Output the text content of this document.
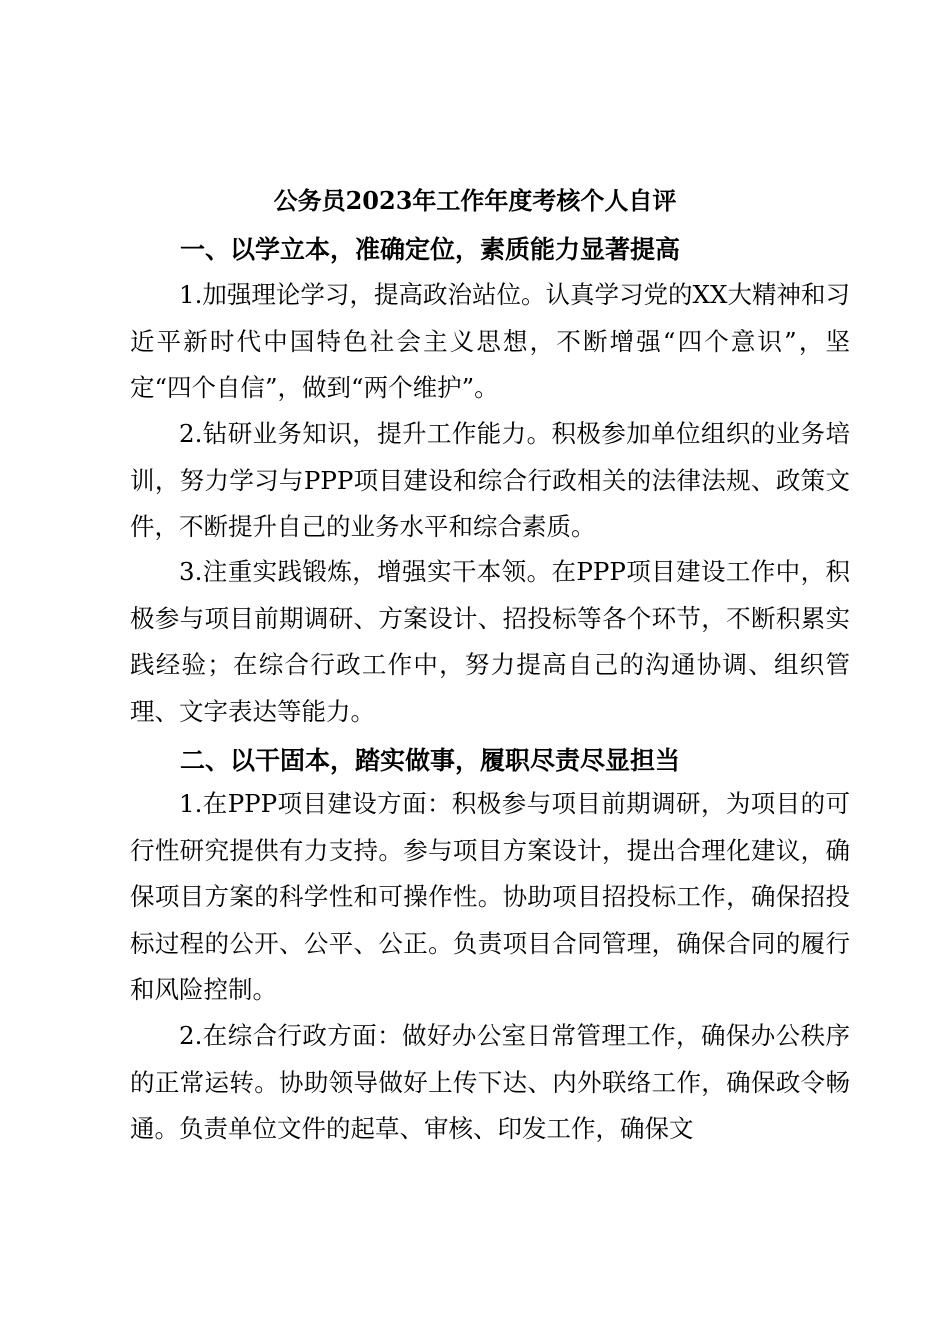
公务员2023年工作年度考核个人自评
一、以学立本，准确定位，素质能力显著提高

1.加强理论学习，提高政治站位。认真学习党的XX大精神和习近平新时代中国特色社会主义思想，不断增强“四个意识”，坚定“四个自信”，做到“两个维护”。

2.钻研业务知识，提升工作能力。积极参加单位组织的业务培训，努力学习与PPP项目建设和综合行政相关的法律法规、政策文件，不断提升自己的业务水平和综合素质。

3.注重实践锻炼，增强实干本领。在PPP项目建设工作中，积极参与项目前期调研、方案设计、招投标等各个环节，不断积累实践经验；在综合行政工作中，努力提高自己的沟通协调、组织管理、文字表达等能力。

二、以干固本，踏实做事，履职尽责尽显担当

1.在PPP项目建设方面：积极参与项目前期调研，为项目的可行性研究提供有力支持。参与项目方案设计，提出合理化建议，确保项目方案的科学性和可操作性。协助项目招投标工作，确保招投标过程的公开、公平、公正。负责项目合同管理，确保合同的履行和风险控制。

2.在综合行政方面：做好办公室日常管理工作，确保办公秩序的正常运转。协助领导做好上传下达、内外联络工作，确保政令畅通。负责单位文件的起草、审核、印发工作，确保文
